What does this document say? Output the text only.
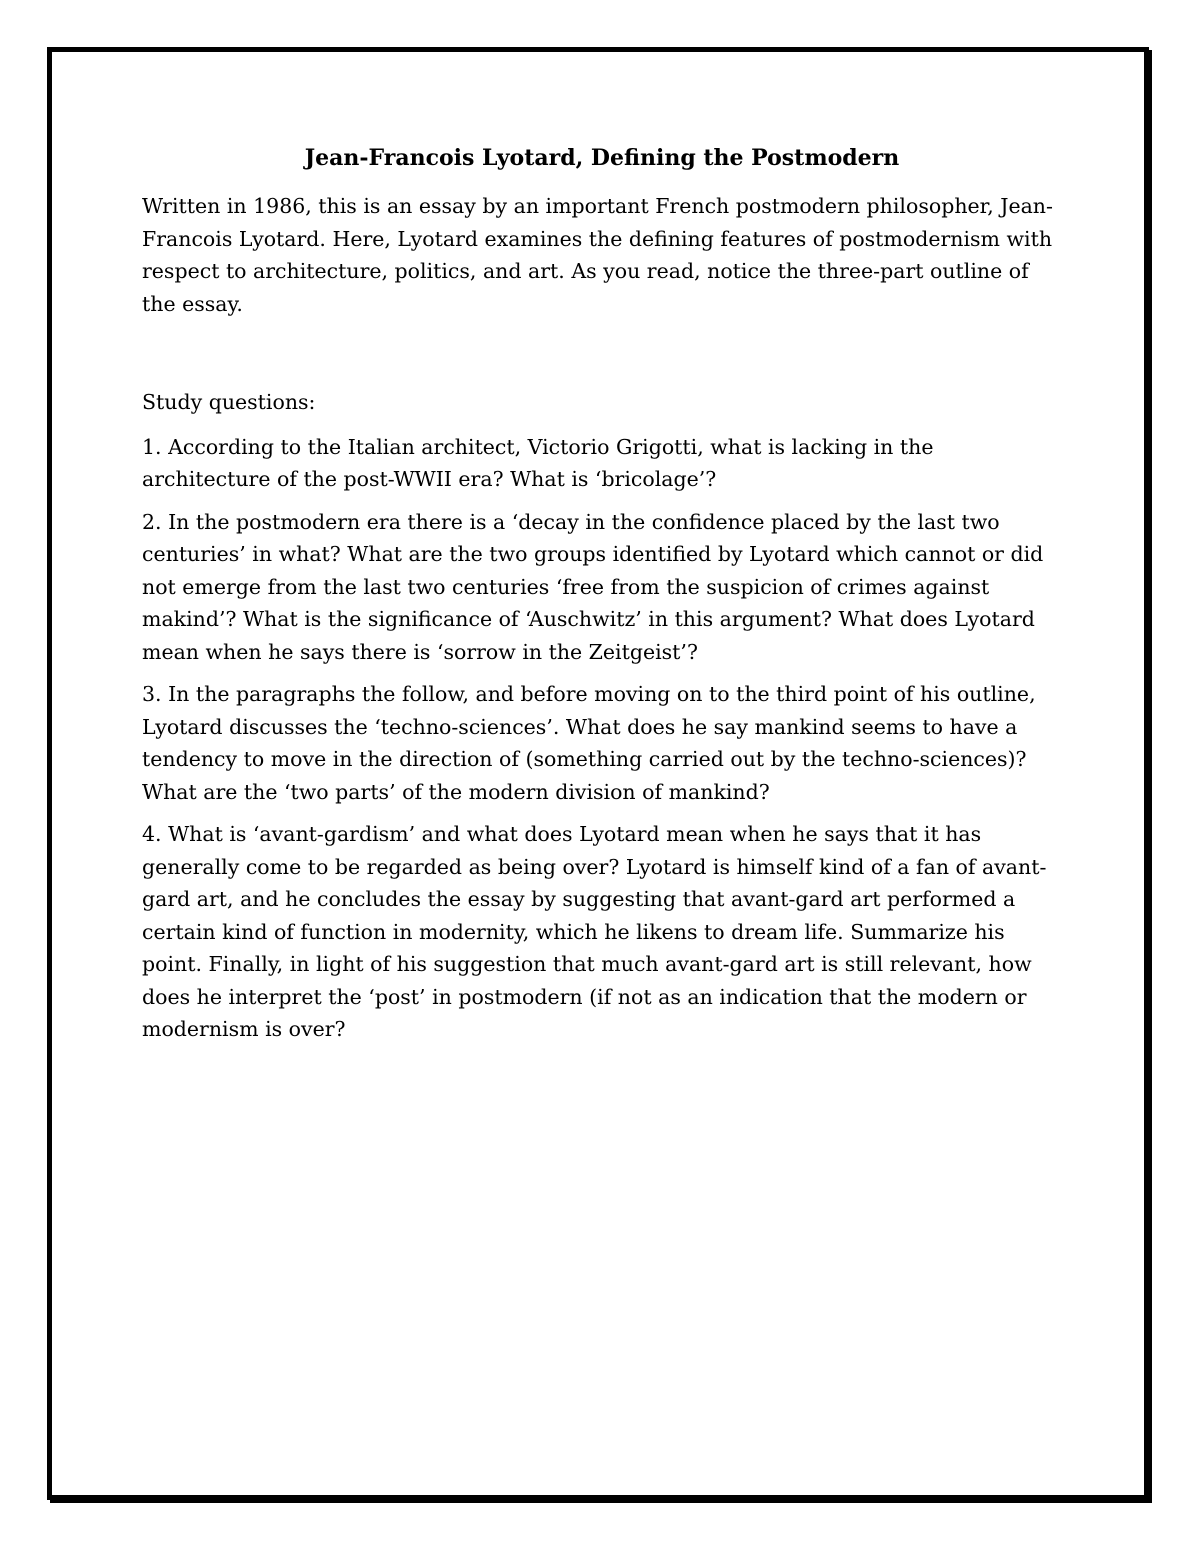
Jean-Francois Lyotard, Defining the Postmodern

Written in 1986, this is an essay by an important French postmodern philosopher, Jean-Francois Lyotard. Here, Lyotard examines the defining features of postmodernism with respect to architecture, politics, and art. As you read, notice the three-part outline of the essay.

Study questions:

1. According to the Italian architect, Victorio Grigotti, what is lacking in the architecture of the post-WWII era? What is ‘bricolage’?

2. In the postmodern era there is a ‘decay in the confidence placed by the last two centuries’ in what? What are the two groups identified by Lyotard which cannot or did not emerge from the last two centuries ‘free from the suspicion of crimes against makind’? What is the significance of ‘Auschwitz’ in this argument? What does Lyotard mean when he says there is ‘sorrow in the Zeitgeist’?

3. In the paragraphs the follow, and before moving on to the third point of his outline, Lyotard discusses the ‘techno-sciences’. What does he say mankind seems to have a tendency to move in the direction of (something carried out by the techno-sciences)? What are the ‘two parts’ of the modern division of mankind?

4. What is ‘avant-gardism’ and what does Lyotard mean when he says that it has generally come to be regarded as being over? Lyotard is himself kind of a fan of avant-gard art, and he concludes the essay by suggesting that avant-gard art performed a certain kind of function in modernity, which he likens to dream life. Summarize his point. Finally, in light of his suggestion that much avant-gard art is still relevant, how does he interpret the ‘post’ in postmodern (if not as an indication that the modern or modernism is over?
